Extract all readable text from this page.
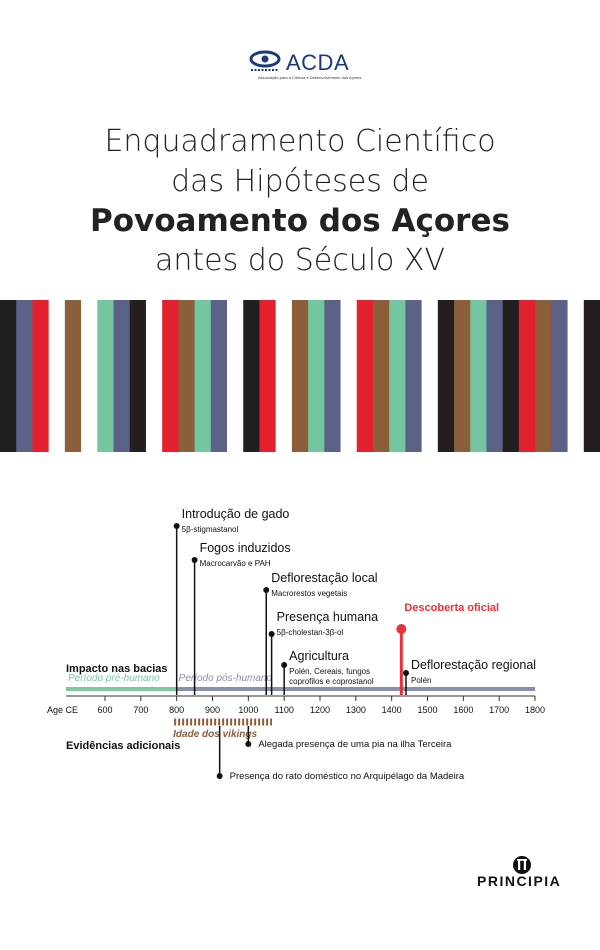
ACDA
Associação para a Ciência e Desenvolvimento dos Açores
Enquadramento Científico
das Hipóteses de
Povoamento dos Açores
antes do Século XV
Período pré-humano Período pós-humano
Impacto nas bacias
Age CE 600 700 800 900 1000 1100 1200 1300 1400 1500 1600 1700 1800
Introdução de gado
5β-stigmastanol
Fogos induzidos
Macrocarvão e PAH
Deflorestação local
Macrorestos vegetais
Presença humana
5β-cholestan-3β-ol
Agricultura
Polén, Cereais, fungos
coprofilos e coprostanol
Descoberta oficial
Deflorestação regional
Polén
Idade dos vikings
Evidências adicionais	Alegada presença de uma pia na ilha Terceira
Presença do rato doméstico no Arquipélago da Madeira
PRINCIPIA
